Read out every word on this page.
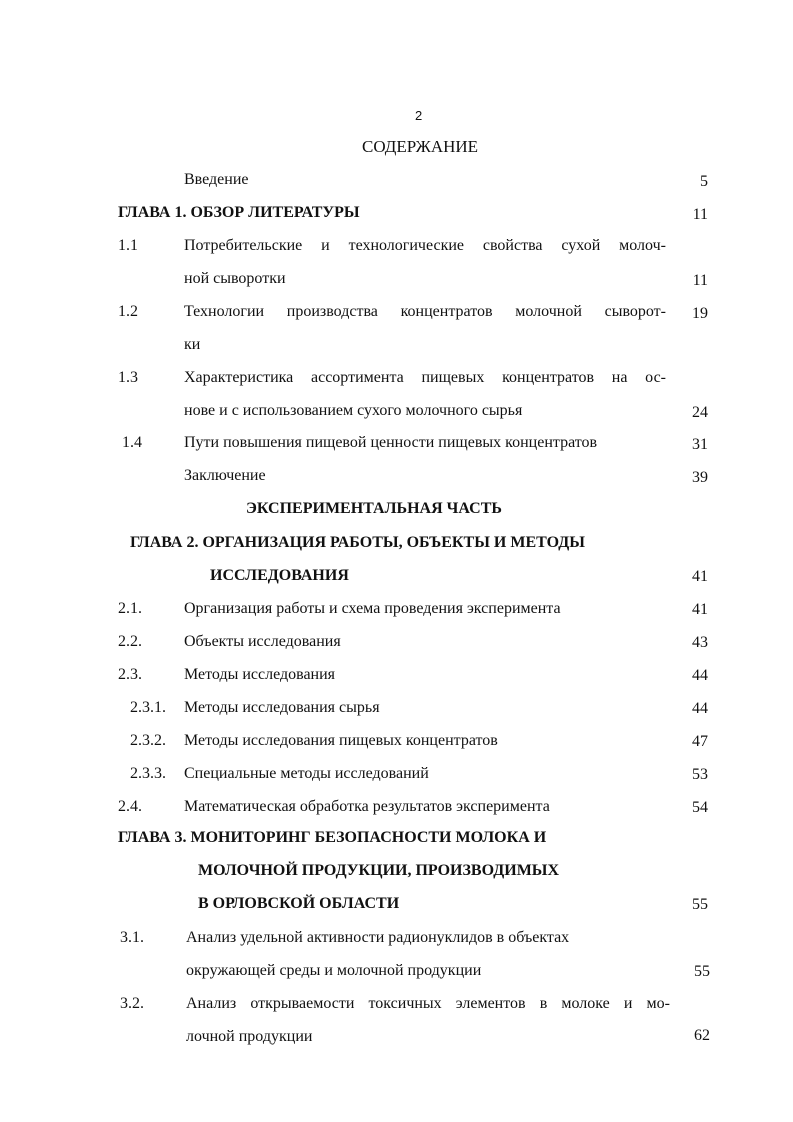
2
СОДЕРЖАНИЕ
Введение	5
ГЛАВА 1. ОБЗОР ЛИТЕРАТУРЫ	11
1.1	Потребительские и технологические свойства сухой молоч-
ной сыворотки	11
1.2	Технологии производства концентратов молочной сыворот-	19
ки
1.3	Характеристика ассортимента пищевых концентратов на ос-
нове и с использованием сухого молочного сырья	24
1.4	Пути повышения пищевой ценности пищевых концентратов	31
Заключение	39
ЭКСПЕРИМЕНТАЛЬНАЯ ЧАСТЬ
ГЛАВА 2. ОРГАНИЗАЦИЯ РАБОТЫ, ОБЪЕКТЫ И МЕТОДЫ
ИССЛЕДОВАНИЯ	41
2.1.	Организация работы и схема проведения эксперимента	41
2.2.	Объекты исследования	43
2.3.	Методы исследования	44
2.3.1. Методы исследования сырья	44
2.3.2. Методы исследования пищевых концентратов	47
2.3.3. Специальные методы исследований	53
2.4.	Математическая обработка результатов эксперимента	54
ГЛАВА 3. МОНИТОРИНГ БЕЗОПАСНОСТИ МОЛОКА И
МОЛОЧНОЙ ПРОДУКЦИИ, ПРОИЗВОДИМЫХ
В ОРЛОВСКОЙ ОБЛАСТИ	55
3.1.	Анализ удельной активности радионуклидов в объектах
окружающей среды и молочной продукции	55
3.2.	Анализ открываемости токсичных элементов в молоке и мо-
лочной продукции	62
